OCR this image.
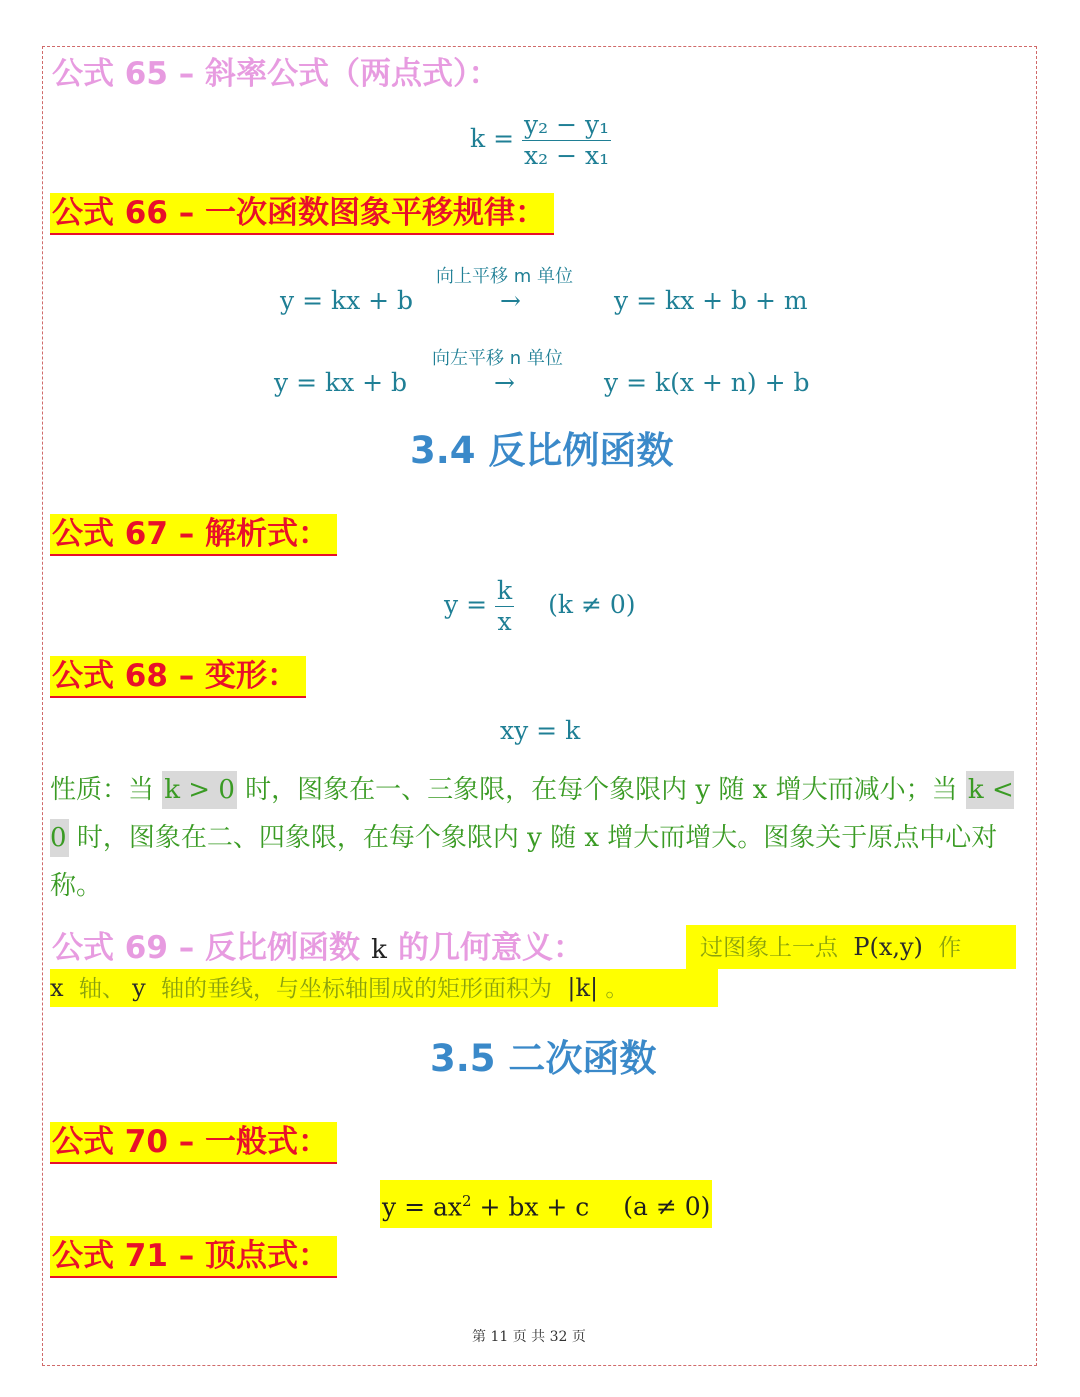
公式 65 – 斜率公式（两点式）：
$k = \frac{\text{y₂ − y₁}}{\text{x₂ − x₁}}$
公式 66 – 一次函数图象平移规律：
向上平移 m 单位
y = kx + b	→	y = kx + b + m
向左平移 n 单位
y = kx + b	→	y = k(x + n) + b
3.4 反比例函数
公式 67 – 解析式：
$y = \frac{k}{x} (k \ne 0)$
公式 68 – 变形：
xy = k
性质：当 k > 0 时，图象在一、三象限，在每个象限内 y 随 x 增大而减小；当 k < 0 时，图象在二、四象限，在每个象限内 y 随 x 增大而增大。图象关于原点中心对称。
公式 69 – 反比例函数 k 的几何意义：	过图象上一点 P(x,y) 作
x 轴、 y 轴的垂线，与坐标轴围成的矩形面积为 |k| 。
3.5 二次函数
公式 70 – 一般式：
$y = ax^2$ + bx + c (a ≠ 0)
公式 71 – 顶点式：
第 11 页 共 32 页
